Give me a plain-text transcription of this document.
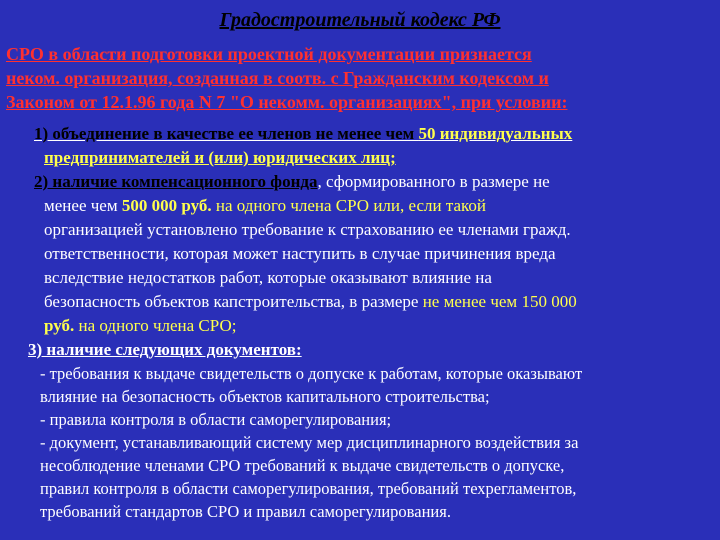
Градостроительный кодекс РФ
СРО в области подготовки проектной документации признается
неком. организация, созданная в соотв. с Гражданским кодексом и
Законом от 12.1.96 года N 7 "О некомм. организациях", при условии:
1) объединение в качестве ее членов не менее чем 50 индивидуальных
предпринимателей и (или) юридических лиц;
2) наличие компенсационного фонда, сформированного в размере не
менее чем 500 000 руб. на одного члена СРО или, если такой
организацией установлено требование к страхованию ее членами гражд.
ответственности, которая может наступить в случае причинения вреда
вследствие недостатков работ, которые оказывают влияние на
безопасность объектов капстроительства, в размере не менее чем 150 000
руб. на одного члена СРО;
3) наличие следующих документов:
- требования к выдаче свидетельств о допуске к работам, которые оказывают
влияние на безопасность объектов капитального строительства;
- правила контроля в области саморегулирования;
- документ, устанавливающий систему мер дисциплинарного воздействия за
несоблюдение членами СРО требований к выдаче свидетельств о допуске,
правил контроля в области саморегулирования, требований техрегламентов,
требований стандартов СРО и правил саморегулирования.
